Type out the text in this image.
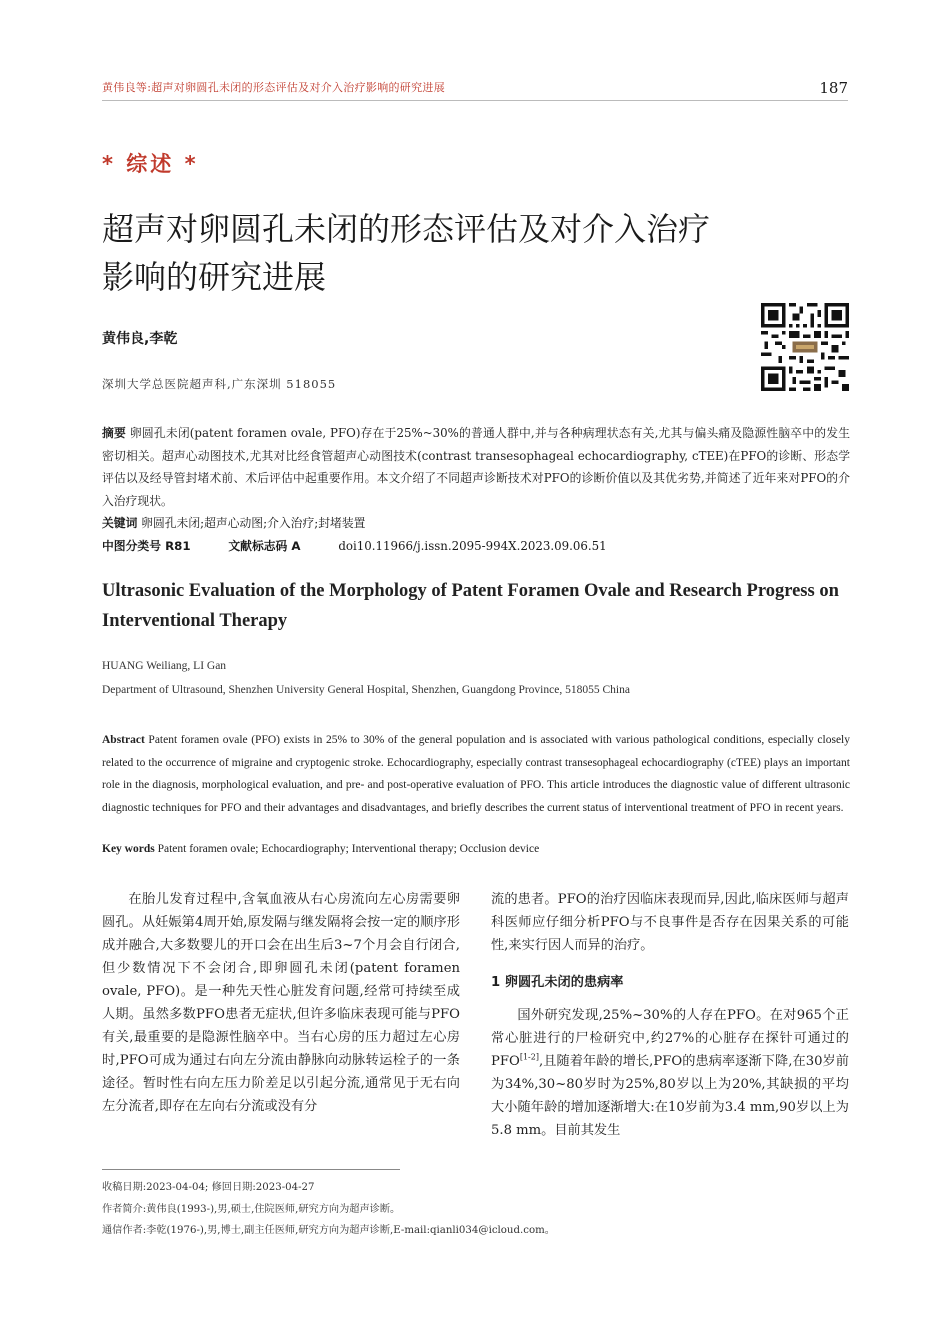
黄伟良等:超声对卵圆孔未闭的形态评估及对介入治疗影响的研究进展	187
* 综述 *
超声对卵圆孔未闭的形态评估及对介入治疗
影响的研究进展
黄伟良,李乾
深圳大学总医院超声科,广东深圳 518055
摘要 卵圆孔未闭(patent foramen ovale, PFO)存在于25%~30%的普通人群中,并与各种病理状态有关,尤其与偏头痛及隐源性脑卒中的发生密切相关。超声心动图技术,尤其对比经食管超声心动图技术(contrast transesophageal echocardiography, cTEE)在PFO的诊断、形态学评估以及经导管封堵术前、术后评估中起重要作用。本文介绍了不同超声诊断技术对PFO的诊断价值以及其优劣势,并简述了近年来对PFO的介入治疗现状。
关键词 卵圆孔未闭;超声心动图;介入治疗;封堵装置
中图分类号 R81	文献标志码 A	doi10.11966/j.issn.2095-994X.2023.09.06.51
Ultrasonic Evaluation of the Morphology of Patent Foramen Ovale and Research Progress on Interventional Therapy
HUANG Weiliang, LI Gan
Department of Ultrasound, Shenzhen University General Hospital, Shenzhen, Guangdong Province, 518055 China
Abstract Patent foramen ovale (PFO) exists in 25% to 30% of the general population and is associated with various pathological conditions, especially closely related to the occurrence of migraine and cryptogenic stroke. Echocardiography, especially contrast transesophageal echocardiography (cTEE) plays an important role in the diagnosis, morphological evaluation, and pre- and post-operative evaluation of PFO. This article introduces the diagnostic value of different ultrasonic diagnostic techniques for PFO and their advantages and disadvantages, and briefly describes the current status of interventional treatment of PFO in recent years.
Key words Patent foramen ovale; Echocardiography; Interventional therapy; Occlusion device

在胎儿发育过程中,含氧血液从右心房流向左心房需要卵圆孔。从妊娠第4周开始,原发隔与继发隔将会按一定的顺序形成并融合,大多数婴儿的开口会在出生后3~7个月会自行闭合,但少数情况下不会闭合,即卵圆孔未闭(patent foramen ovale, PFO)。是一种先天性心脏发育问题,经常可持续至成人期。虽然多数PFO患者无症状,但许多临床表现可能与PFO有关,最重要的是隐源性脑卒中。当右心房的压力超过左心房时,PFO可成为通过右向左分流由静脉向动脉转运栓子的一条途径。暂时性右向左压力阶差足以引起分流,通常见于无右向左分流者,即存在左向右分流或没有分

流的患者。PFO的治疗因临床表现而异,因此,临床医师与超声科医师应仔细分析PFO与不良事件是否存在因果关系的可能性,来实行因人而异的治疗。

1 卵圆孔未闭的患病率

国外研究发现,25%~30%的人存在PFO。在对965个正常心脏进行的尸检研究中,约27%的心脏存在探针可通过的PFO[1-2],且随着年龄的增长,PFO的患病率逐渐下降,在30岁前为34%,30~80岁时为25%,80岁以上为20%,其缺损的平均大小随年龄的增加逐渐增大:在10岁前为3.4 mm,90岁以上为5.8 mm。目前其发生

收稿日期:2023-04-04; 修回日期:2023-04-27
作者简介:黄伟良(1993-),男,硕士,住院医师,研究方向为超声诊断。
通信作者:李乾(1976-),男,博士,副主任医师,研究方向为超声诊断,E-mail:qianli034@icloud.com。
